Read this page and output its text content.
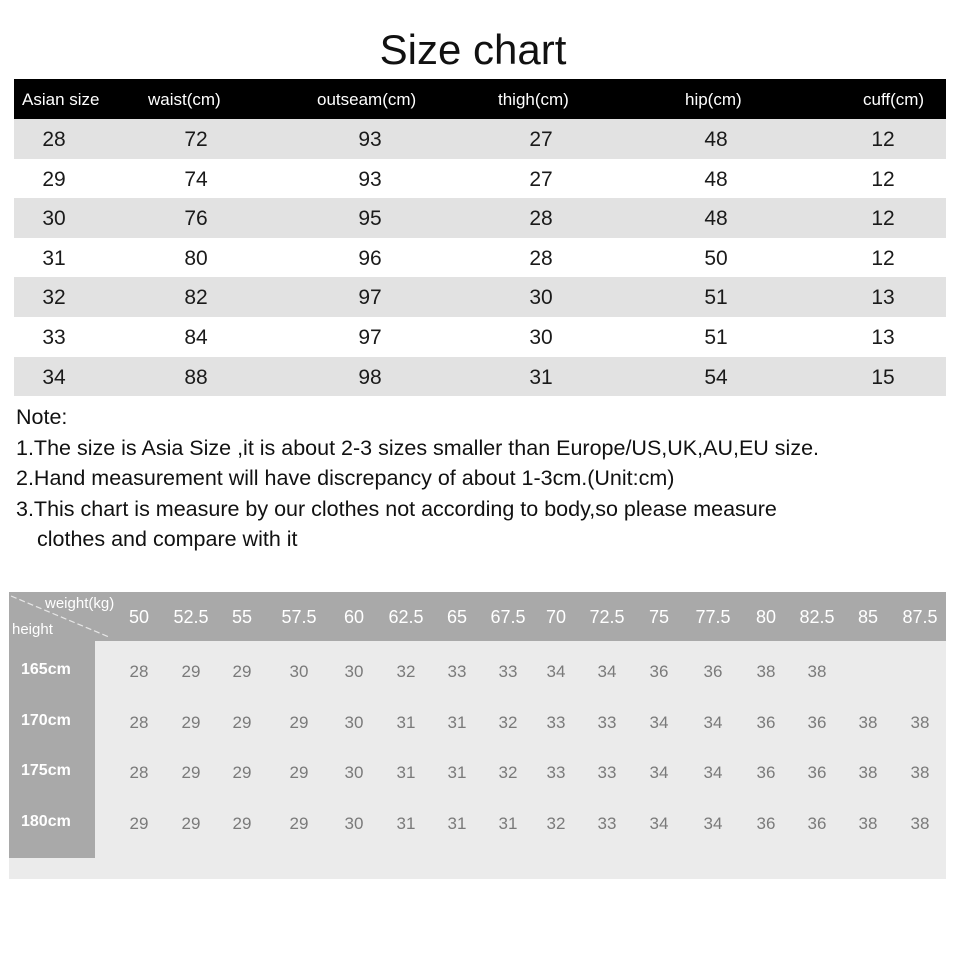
Size chart
Asian size	waist(cm)	outseam(cm)	thigh(cm)	hip(cm)	cuff(cm)
28	72	93	27	48	12
29	74	93	27	48	12
30	76	95	28	48	12
31	80	96	28	50	12
32	82	97	30	51	13
33	84	97	30	51	13
34	88	98	31	54	15
Note:
1.The size is Asia Size ,it is about 2-3 sizes smaller than Europe/US,UK,AU,EU size.
2.Hand measurement will have discrepancy of about 1-3cm.(Unit:cm)
3.This chart is measure by our clothes not according to body,so please measure
clothes and compare with it
weight(kg)
height
50 52.5 55 57.5 60 62.5 65 67.5 70 72.5 75 77.5 80 82.5 85 87.5
165cm	28 29 29 30 30 32 33 33 34 34 36 36 38 38
170cm	28 29 29 29 30 31 31 32 33 33 34 34 36 36 38 38
175cm	28 29 29 29 30 31 31 32 33 33 34 34 36 36 38 38
180cm	29 29 29 29 30 31 31 31 32 33 34 34 36 36 38 38
